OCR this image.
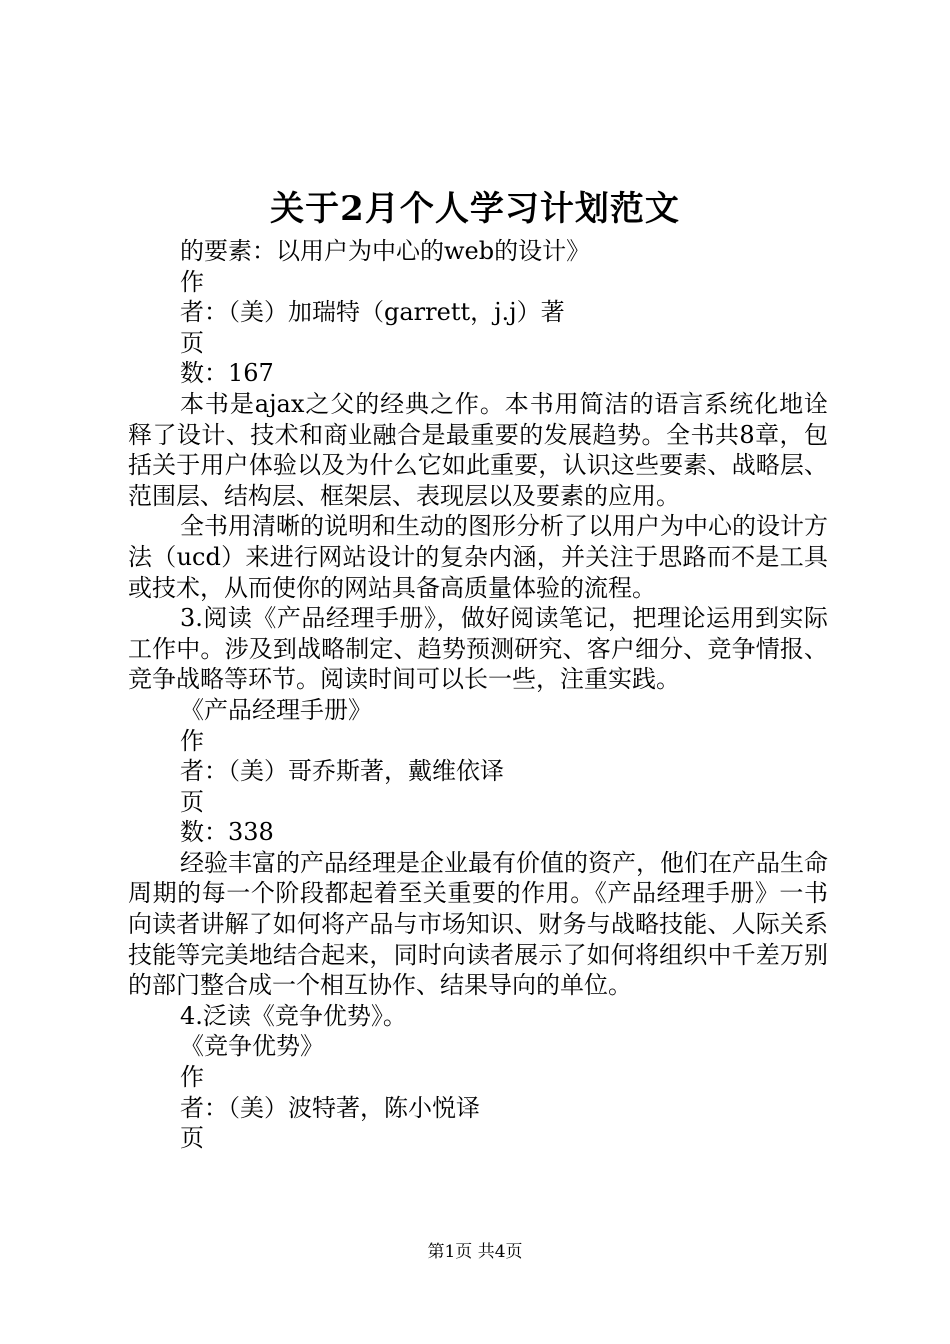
关于2月个人学习计划范文
的要素：以用户为中心的web的设计》
作
者：（美）加瑞特（garrett，j.j）著
页
数：167
本书是ajax之父的经典之作。本书用简洁的语言系统化地诠释了设计、技术和商业融合是最重要的发展趋势。全书共8章，包括关于用户体验以及为什么它如此重要，认识这些要素、战略层、范围层、结构层、框架层、表现层以及要素的应用。
全书用清晰的说明和生动的图形分析了以用户为中心的设计方法（ucd）来进行网站设计的复杂内涵，并关注于思路而不是工具或技术，从而使你的网站具备高质量体验的流程。
3.阅读《产品经理手册》，做好阅读笔记，把理论运用到实际工作中。涉及到战略制定、趋势预测研究、客户细分、竞争情报、竞争战略等环节。阅读时间可以长一些，注重实践。
《产品经理手册》
作
者：（美）哥乔斯著，戴维依译
页
数：338
经验丰富的产品经理是企业最有价值的资产，他们在产品生命周期的每一个阶段都起着至关重要的作用。《产品经理手册》一书向读者讲解了如何将产品与市场知识、财务与战略技能、人际关系技能等完美地结合起来，同时向读者展示了如何将组织中千差万别的部门整合成一个相互协作、结果导向的单位。
4.泛读《竞争优势》。
《竞争优势》
作
者：（美）波特著，陈小悦译
页
第1页 共4页
